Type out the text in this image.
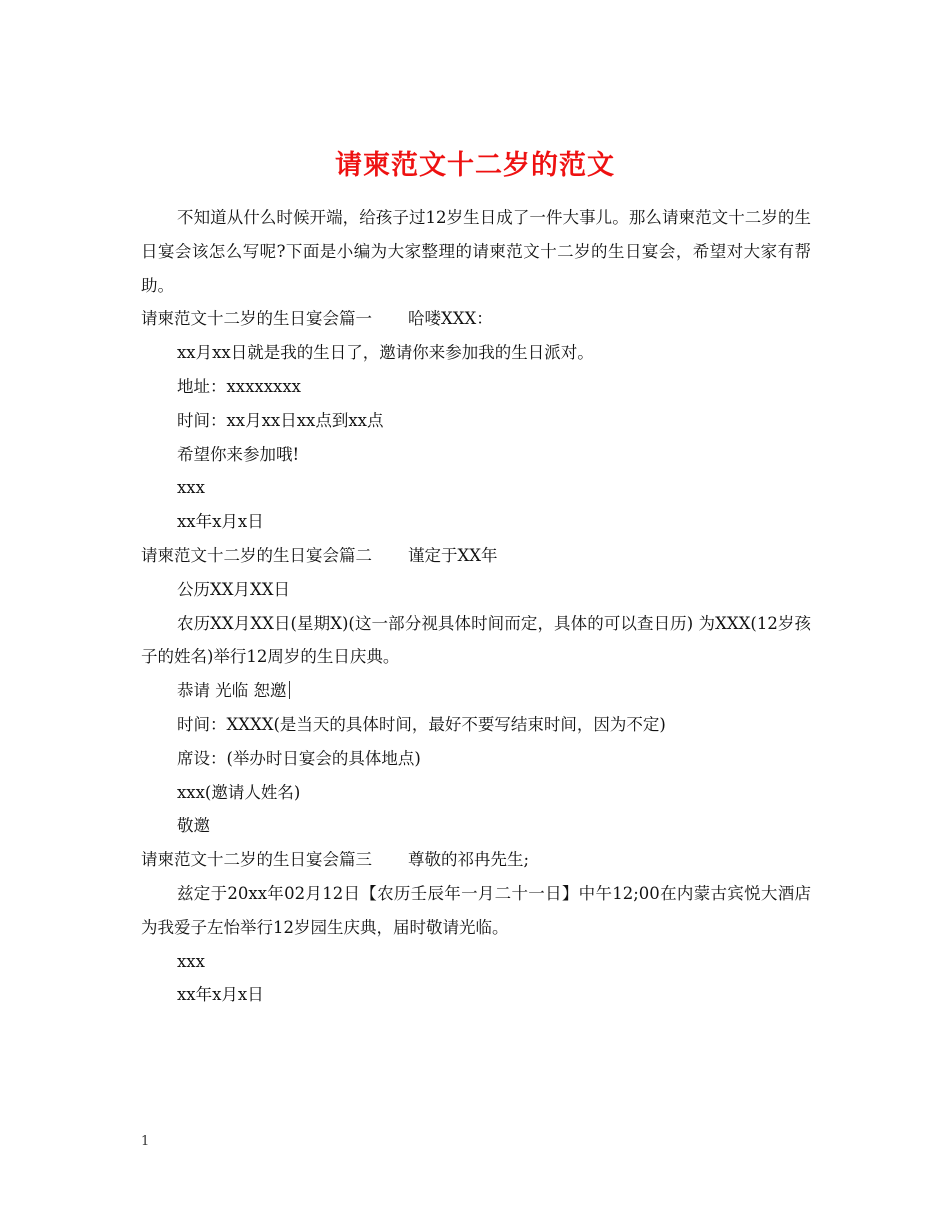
请柬范文十二岁的范文

不知道从什么时候开端，给孩子过12岁生日成了一件大事儿。那么请柬范文十二岁的生日宴会该怎么写呢?下面是小编为大家整理的请柬范文十二岁的生日宴会，希望对大家有帮助。

请柬范文十二岁的生日宴会篇一 哈喽XXX：

xx月xx日就是我的生日了，邀请你来参加我的生日派对。

地址：xxxxxxxx

时间：xx月xx日xx点到xx点

希望你来参加哦!

xxx

xx年x月x日

请柬范文十二岁的生日宴会篇二 谨定于XX年

公历XX月XX日

农历XX月XX日(星期X)(这一部分视具体时间而定，具体的可以查日历) 为XXX(12岁孩子的姓名)举行12周岁的生日庆典。

恭请 光临 恕邀

时间：XXXX(是当天的具体时间，最好不要写结束时间，因为不定)

席设：(举办时日宴会的具体地点)

xxx(邀请人姓名)

敬邀

请柬范文十二岁的生日宴会篇三 尊敬的祁冉先生;

兹定于20xx年02月12日【农历壬辰年一月二十一日】中午12;00在内蒙古宾悦大酒店为我爱子左怡举行12岁园生庆典，届时敬请光临。

xxx

xx年x月x日

1
